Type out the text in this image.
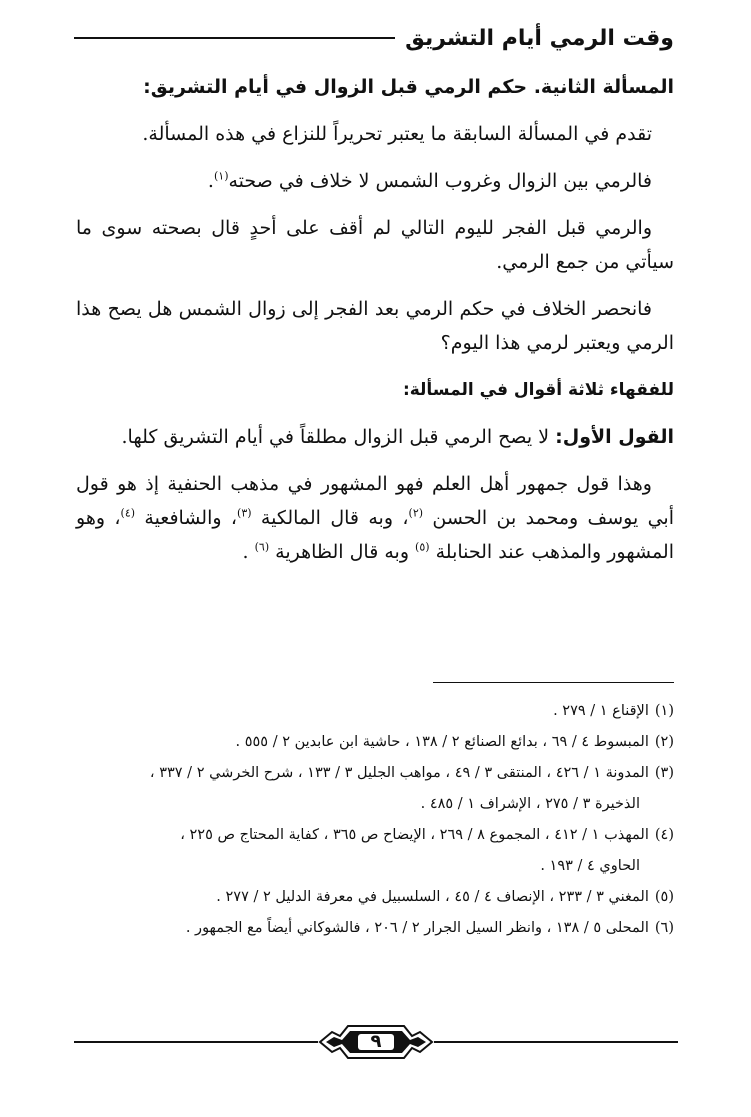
وقت الرمي أيام التشريق

المسألة الثانية. حكم الرمي قبل الزوال في أيام التشريق:

تقدم في المسألة السابقة ما يعتبر تحريراً للنزاع في هذه المسألة.

فالرمي بين الزوال وغروب الشمس لا خلاف في صحته$^{(١)}$.

والرمي قبل الفجر لليوم التالي لم أقف على أحدٍ قال بصحته سوى ما سيأتي من جمع الرمي.

فانحصر الخلاف في حكم الرمي بعد الفجر إلى زوال الشمس هل يصح هذا الرمي ويعتبر لرمي هذا اليوم؟

للفقهاء ثلاثة أقوال في المسألة:

القول الأول: لا يصح الرمي قبل الزوال مطلقاً في أيام التشريق كلها.

وهذا قول جمهور أهل العلم فهو المشهور في مذهب الحنفية إذ هو قول أبي يوسف ومحمد بن الحسن $^{(٢)}$، وبه قال المالكية $^{(٣)}$، والشافعية $^{(٤)}$، وهو المشهور والمذهب عند الحنابلة $^{(٥)}$ وبه قال الظاهرية $^{(٦)}$ .

(١)الإقناع ١ / ٢٧٩ .
(٢)المبسوط ٤ / ٦٩ ، بدائع الصنائع ٢ / ١٣٨ ، حاشية ابن عابدين ٢ / ٥٥٥ .
(٣)المدونة ١ / ٤٢٦ ، المنتقى ٣ / ٤٩ ، مواهب الجليل ٣ / ١٣٣ ، شرح الخرشي ٢ / ٣٣٧ ،
الذخيرة ٣ / ٢٧٥ ، الإشراف ١ / ٤٨٥ .
(٤)المهذب ١ / ٤١٢ ، المجموع ٨ / ٢٦٩ ، الإيضاح ص ٣٦٥ ، كفاية المحتاج ص ٢٢٥ ،
الحاوي ٤ / ١٩٣ .
(٥)المغني ٣ / ٢٣٣ ، الإنصاف ٤ / ٤٥ ، السلسبيل في معرفة الدليل ٢ / ٢٧٧ .
(٦)المحلى ٥ / ١٣٨ ، وانظر السيل الجرار ٢ / ٢٠٦ ، فالشوكاني أيضاً مع الجمهور .
٩
